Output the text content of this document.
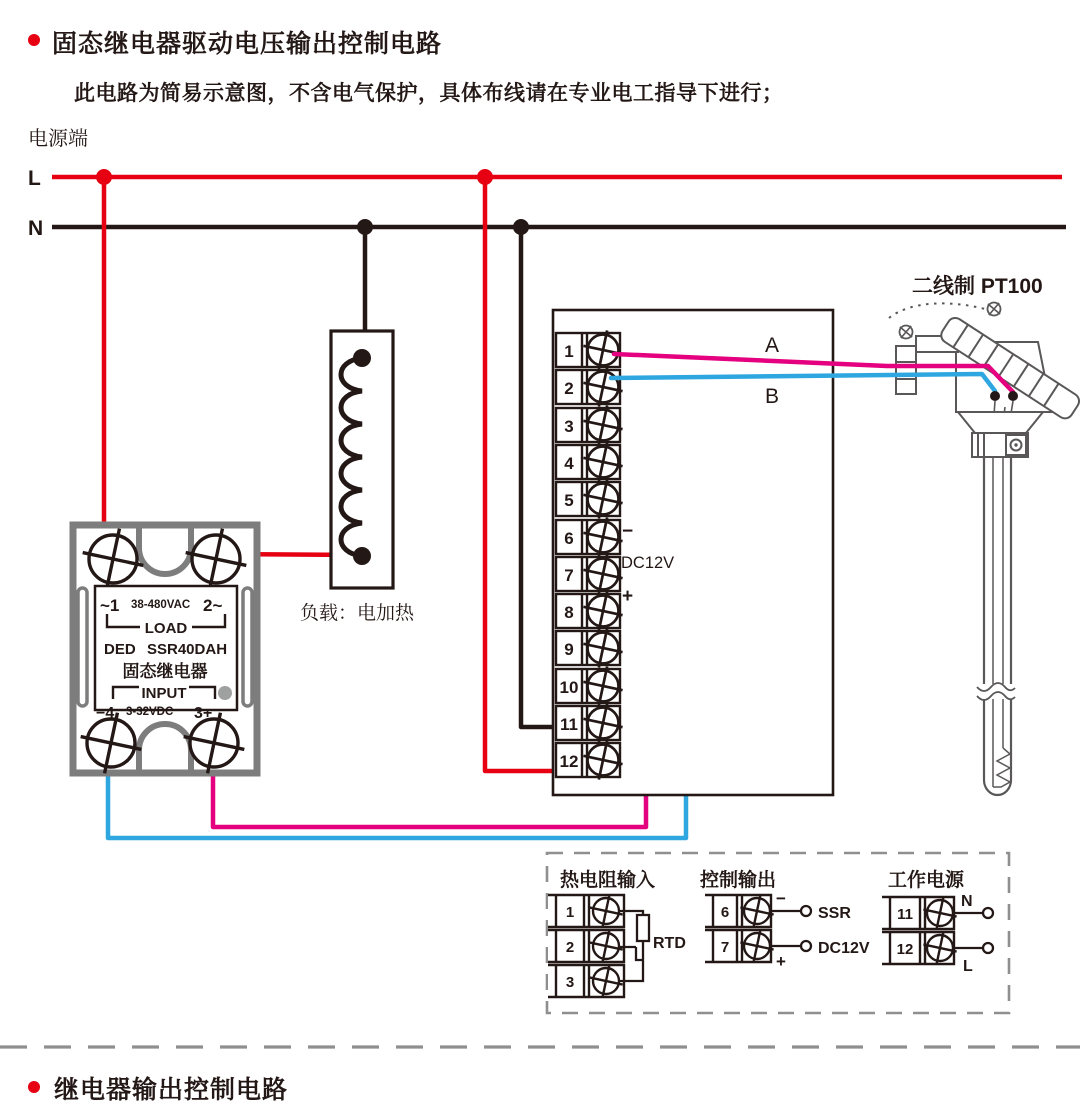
固态继电器驱动电压输出控制电路
此电路为简易示意图，不含电气保护，具体布线请在专业电工指导下进行；
电源端
L
N
负载：电加热
~1 38-480VAC 2~
LOAD
DED SSR40DAH
固态继电器
INPUT
−4 3-32VDC 3+
1
2
3
4
5
6
7
8
9
10
11
12
−
DC12V
+
二线制 PT100
A
B
热电阻输入
1
2
3
RTD
控制输出
6
7
−
+
SSR
DC12V
工作电源
11
12
N
L
继电器输出控制电路
